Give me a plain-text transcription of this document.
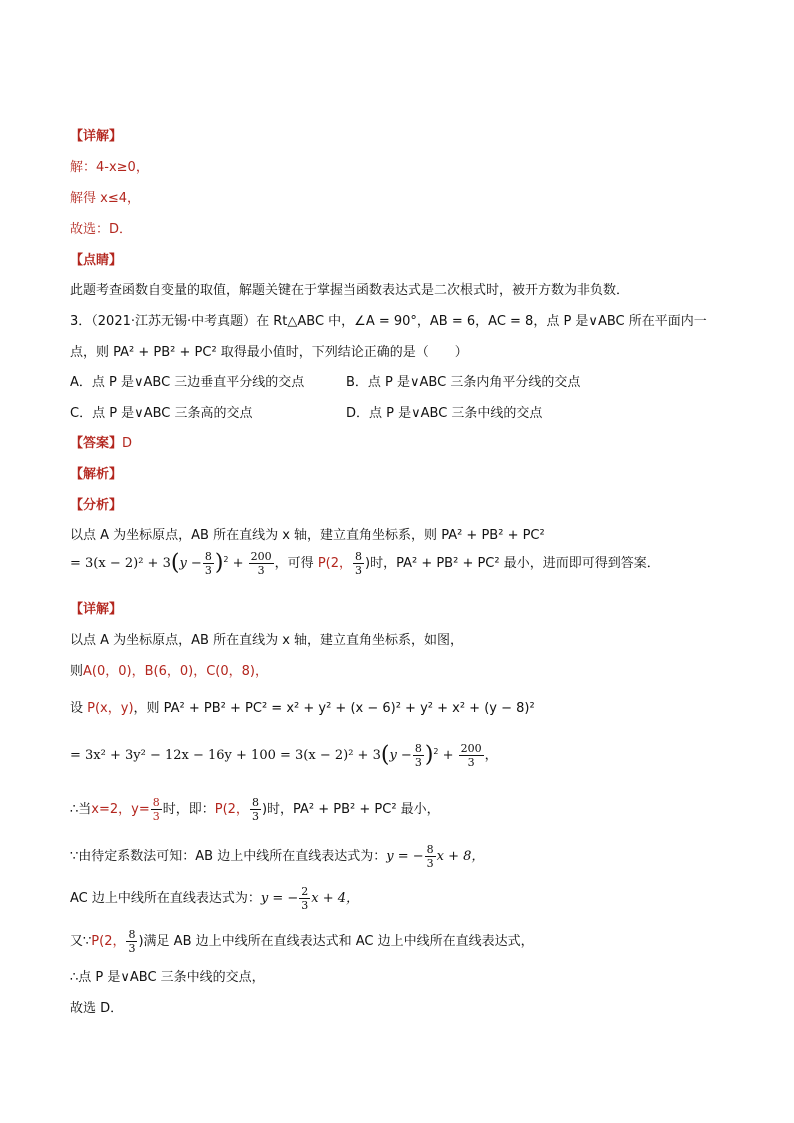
【详解】
解：4-x≥0，
解得 x≤4，
故选：D．
【点睛】
此题考查函数自变量的取值，解题关键在于掌握当函数表达式是二次根式时，被开方数为非负数．
3．（2021·江苏无锡·中考真题）在 Rt△ABC 中，∠A = 90°，AB = 6，AC = 8，点 P 是∨ABC 所在平面内一
点，则 PA² + PB² + PC² 取得最小值时，下列结论正确的是（　　）
A．点 P 是∨ABC 三边垂直平分线的交点	B．点 P 是∨ABC 三条内角平分线的交点
C．点 P 是∨ABC 三条高的交点	D．点 P 是∨ABC 三条中线的交点
【答案】D
【解析】
【分析】
以点 A 为坐标原点，AB 所在直线为 x 轴，建立直角坐标系，则 PA² + PB² + PC²
= $3(x - 2)^2 + 3(y - \frac{8}{3} )^2 + \frac{200}{3}$ ，可得 P(2， $\frac{8}{3}$ )时，PA² + PB² + PC² 最小，进而即可得到答案．
【详解】
以点 A 为坐标原点，AB 所在直线为 x 轴，建立直角坐标系，如图，
则A(0，0)，B(6，0)，C(0，8)，
设 P(x，y)，则 PA² + PB² + PC² = x² + y² + (x − 6)² + y² + x² + (y − 8)²
= $3x^2 + 3y^2 - 12x - 16y + 100 = 3(x - 2)^2 + 3(y - \frac{8}{3} )^2 + \frac{200}{3}$ ，
∴当x=2，$y= \frac{8}{3}$ 时，即：P(2， $\frac{8}{3}$ )时，PA² + PB² + PC² 最小，
∵由待定系数法可知：AB 边上中线所在直线表达式为：y = − $\frac{8}{3}$ x + 8，
AC 边上中线所在直线表达式为：y = − $\frac{2}{3}$ x + 4，
又∵P(2， $\frac{8}{3}$ )满足 AB 边上中线所在直线表达式和 AC 边上中线所在直线表达式，
∴点 P 是∨ABC 三条中线的交点，
故选 D．
